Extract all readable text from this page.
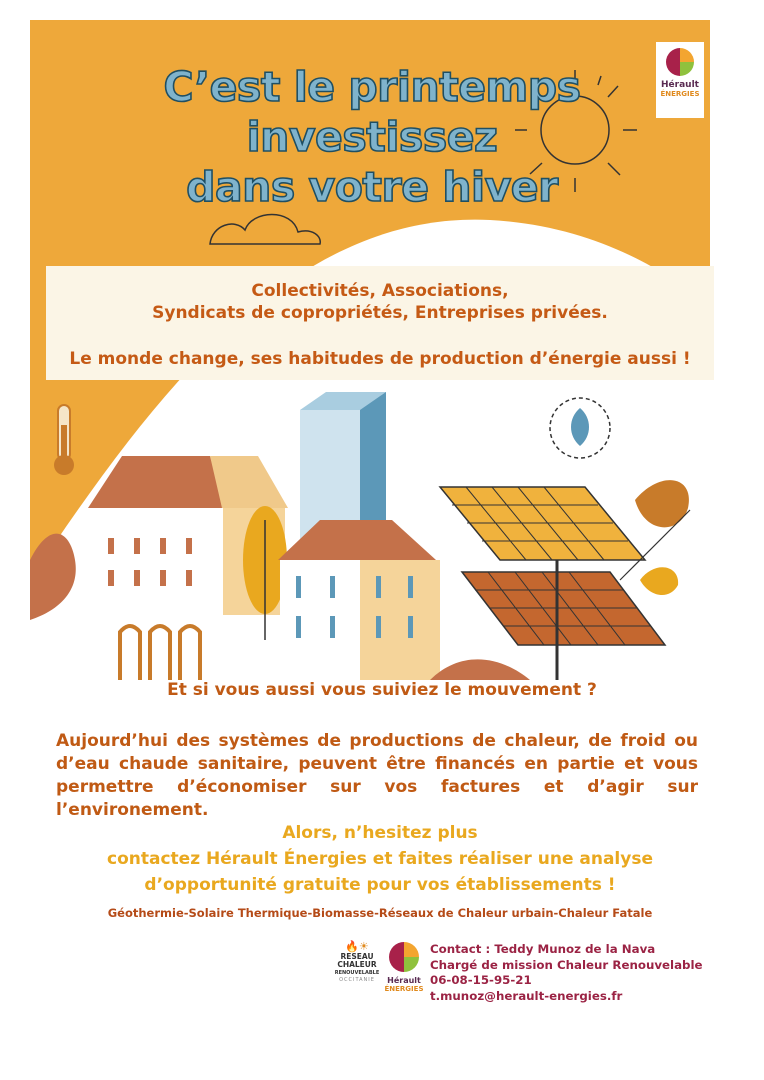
C’est le printemps
investissez
dans votre hiver
Hérault
ÉNERGIES

Collectivités, Associations,

Syndicats de copropriétés, Entreprises privées.

Le monde change, ses habitudes de production d’énergie aussi !

Et si vous aussi vous suiviez le mouvement ?

Aujourd’hui des systèmes de productions de chaleur, de froid ou d’eau chaude sanitaire, peuvent être financés en partie et vous permettre d’économiser sur vos factures et d’agir sur l’environement.

Alors, n’hesitez plus
contactez Hérault Énergies et faites réaliser une analyse
d’opportunité gratuite pour vos établissements !

Géothermie-Solaire Thermique-Biomasse-Réseaux de Chaleur urbain-Chaleur Fatale

🔥☀
RESEAU
CHALEUR
RENOUVELABLE
OCCITANIE	Hérault
ÉNERGIES
Contact : Teddy Munoz de la Nava
Chargé de mission Chaleur Renouvelable
06-08-15-95-21
t.munoz@herault-energies.fr
